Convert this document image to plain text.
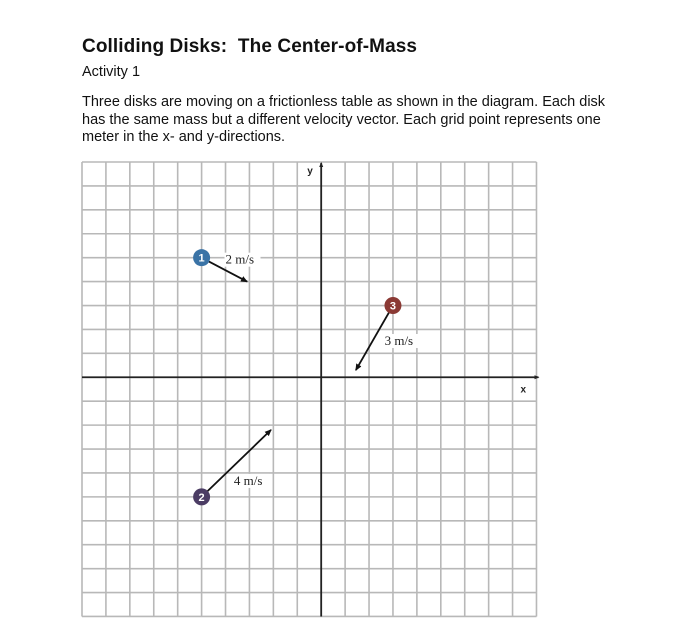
Colliding Disks:  The Center-of-Mass
Activity 1
Three disks are moving on a frictionless table as shown in the diagram. Each disk has the same mass but a different velocity vector. Each grid point represents one meter in the x- and y-directions.
x
y
2 m/s
4 m/s
3 m/s
1
2
3
